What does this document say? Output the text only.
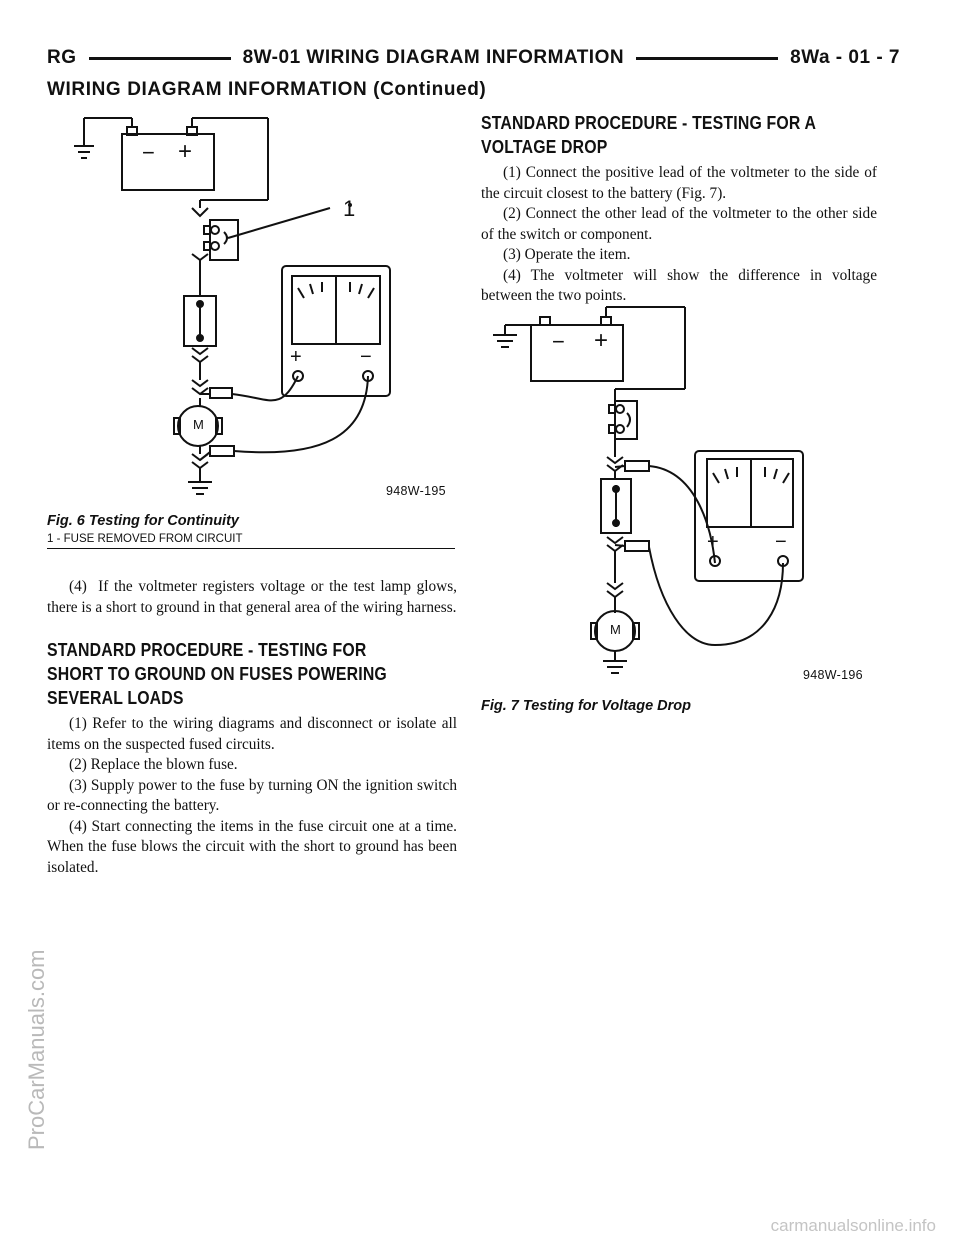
RG	8W-01 WIRING DIAGRAM INFORMATION	8Wa - 01 - 7
WIRING DIAGRAM INFORMATION (Continued)
1
− +
+	−
M
948W-195
Fig. 6 Testing for Continuity
1 - FUSE REMOVED FROM CIRCUIT

(4)  If the voltmeter registers voltage or the test lamp glows, there is a short to ground in that general area of the wiring harness.

STANDARD PROCEDURE - TESTING FOR
SHORT TO GROUND ON FUSES POWERING
SEVERAL LOADS

(1) Refer to the wiring diagrams and disconnect or isolate all items on the suspected fused circuits.

(2) Replace the blown fuse.

(3) Supply power to the fuse by turning ON the ignition switch or re-connecting the battery.

(4) Start connecting the items in the fuse circuit one at a time. When the fuse blows the circuit with the short to ground has been isolated.

STANDARD PROCEDURE - TESTING FOR A
VOLTAGE DROP

(1) Connect the positive lead of the voltmeter to the side of the circuit closest to the battery (Fig. 7).

(2) Connect the other lead of the voltmeter to the other side of the switch or component.

(3) Operate the item.

(4) The voltmeter will show the difference in voltage between the two points.

− +
+	−
M
948W-196
Fig. 7 Testing for Voltage Drop
ProCarManuals.com
carmanualsonline.info
